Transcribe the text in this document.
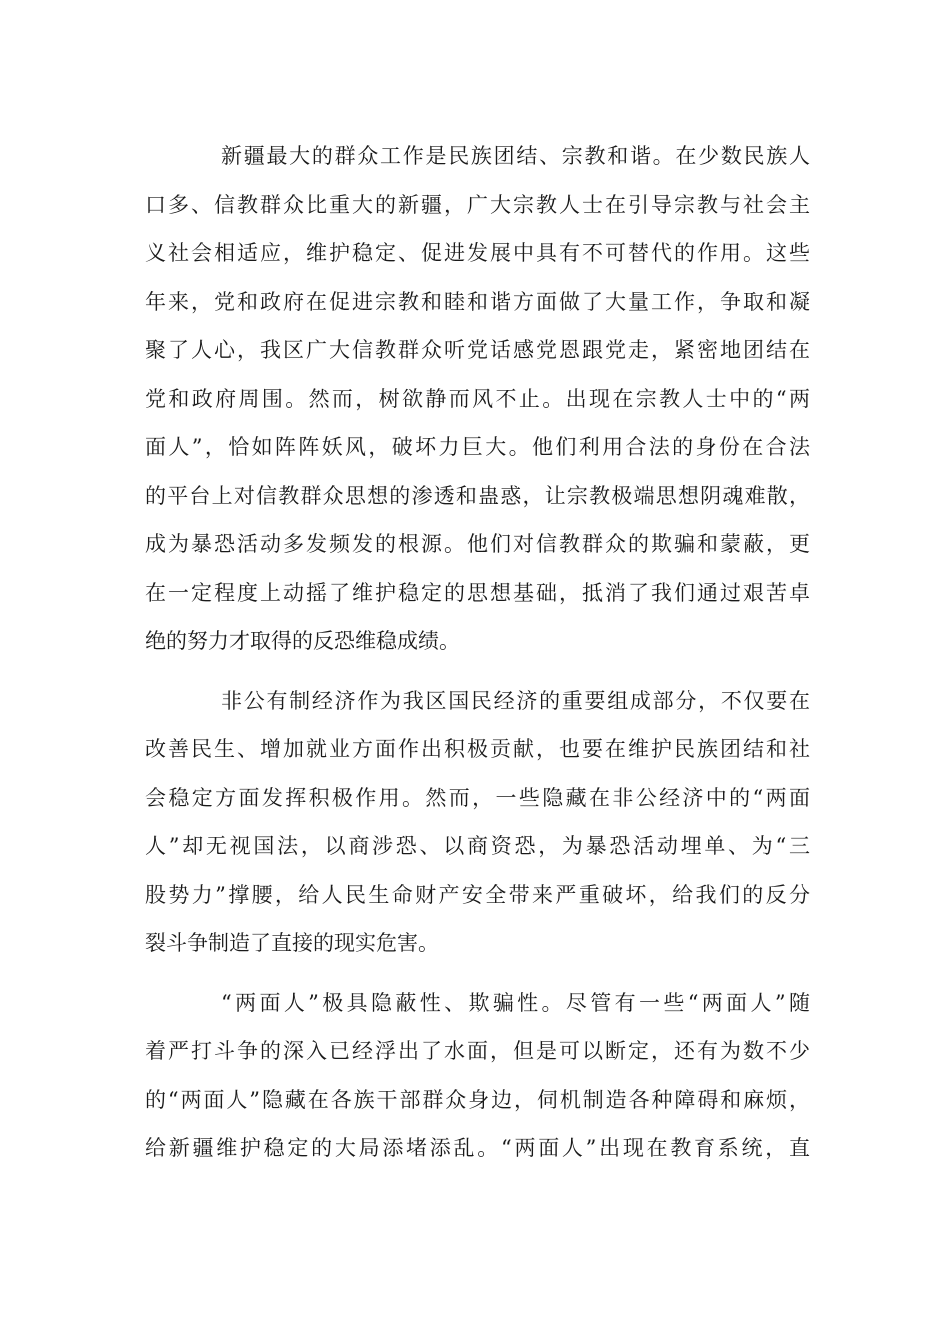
新疆最大的群众工作是民族团结、宗教和谐。在少数民族人
口多、信教群众比重大的新疆，广大宗教人士在引导宗教与社会主
义社会相适应，维护稳定、促进发展中具有不可替代的作用。这些
年来，党和政府在促进宗教和睦和谐方面做了大量工作，争取和凝
聚了人心，我区广大信教群众听党话感党恩跟党走，紧密地团结在
党和政府周围。然而，树欲静而风不止。出现在宗教人士中的“两
面人”，恰如阵阵妖风，破坏力巨大。他们利用合法的身份在合法
的平台上对信教群众思想的渗透和蛊惑，让宗教极端思想阴魂难散，
成为暴恐活动多发频发的根源。他们对信教群众的欺骗和蒙蔽，更
在一定程度上动摇了维护稳定的思想基础，抵消了我们通过艰苦卓
绝的努力才取得的反恐维稳成绩。
非公有制经济作为我区国民经济的重要组成部分，不仅要在
改善民生、增加就业方面作出积极贡献，也要在维护民族团结和社
会稳定方面发挥积极作用。然而，一些隐藏在非公经济中的“两面
人”却无视国法，以商涉恐、以商资恐，为暴恐活动埋单、为“三
股势力”撑腰，给人民生命财产安全带来严重破坏，给我们的反分
裂斗争制造了直接的现实危害。
“两面人”极具隐蔽性、欺骗性。尽管有一些“两面人”随
着严打斗争的深入已经浮出了水面，但是可以断定，还有为数不少
的“两面人”隐藏在各族干部群众身边，伺机制造各种障碍和麻烦，
给新疆维护稳定的大局添堵添乱。“两面人”出现在教育系统，直
